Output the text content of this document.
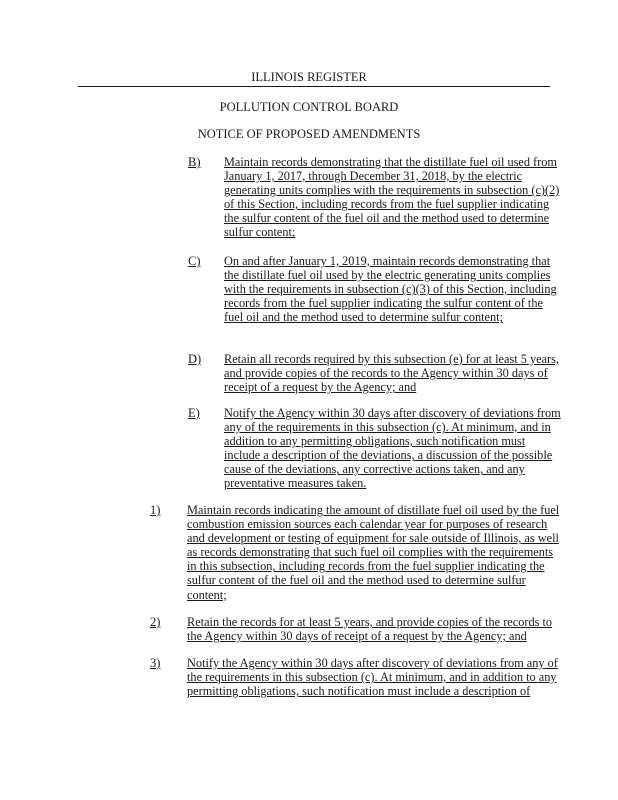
ILLINOIS REGISTER
POLLUTION CONTROL BOARD
NOTICE OF PROPOSED AMENDMENTS
B) Maintain records demonstrating that the distillate fuel oil used from January 1, 2017, through December 31, 2018, by the electric generating units complies with the requirements in subsection (c)(2) of this Section, including records from the fuel supplier indicating the sulfur content of the fuel oil and the method used to determine sulfur content;
C) On and after January 1, 2019, maintain records demonstrating that the distillate fuel oil used by the electric generating units complies with the requirements in subsection (c)(3) of this Section, including records from the fuel supplier indicating the sulfur content of the fuel oil and the method used to determine sulfur content;
D) Retain all records required by this subsection (e) for at least 5 years, and provide copies of the records to the Agency within 30 days of receipt of a request by the Agency; and
E) Notify the Agency within 30 days after discovery of deviations from any of the requirements in this subsection (c). At minimum, and in addition to any permitting obligations, such notification must include a description of the deviations, a discussion of the possible cause of the deviations, any corrective actions taken, and any preventative measures taken.
1) Maintain records indicating the amount of distillate fuel oil used by the fuel combustion emission sources each calendar year for purposes of research and development or testing of equipment for sale outside of Illinois, as well as records demonstrating that such fuel oil complies with the requirements in this subsection, including records from the fuel supplier indicating the sulfur content of the fuel oil and the method used to determine sulfur content;
2) Retain the records for at least 5 years, and provide copies of the records to the Agency within 30 days of receipt of a request by the Agency; and
3) Notify the Agency within 30 days after discovery of deviations from any of the requirements in this subsection (c). At minimum, and in addition to any permitting obligations, such notification must include a description of
